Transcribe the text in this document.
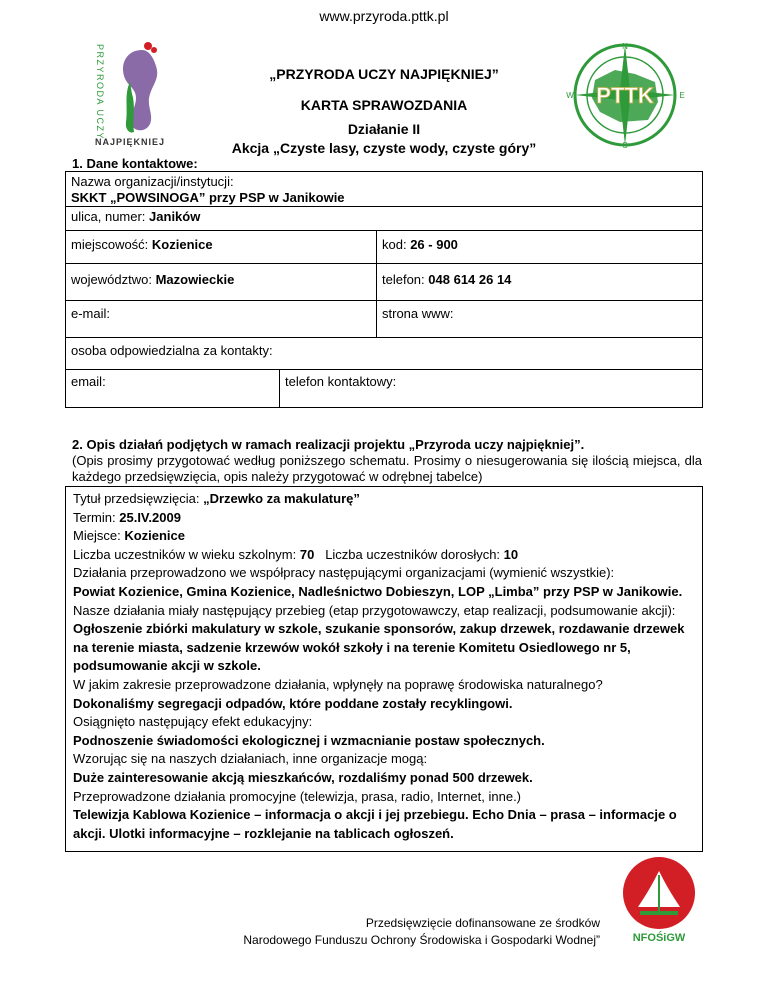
www.przyroda.pttk.pl
„PRZYRODA UCZY NAJPIĘKNIEJ”
KARTA SPRAWOZDANIA
Działanie II
Akcja „Czyste lasy, czyste wody, czyste góry”
PRZYRODA UCZY
NAJPIĘKNIEJ
PTTK
N
S
W	E
1. Dane kontaktowe:
Nazwa organizacji/instytucji:
SKKT „POWSINOGA” przy PSP w Janikowie
ulica, numer: Janików
miejscowość: Kozienice	kod: 26 - 900
województwo: Mazowieckie	telefon: 048 614 26 14
e-mail:	strona www:
osoba odpowiedzialna za kontakty:
email:	telefon kontaktowy:
2. Opis działań podjętych w ramach realizacji projektu „Przyroda uczy najpiękniej”.
(Opis prosimy przygotować według poniższego schematu. Prosimy o niesugerowania się ilością miejsca, dla każdego przedsięwzięcia, opis należy przygotować w odrębnej tabelce)
Tytuł przedsięwzięcia: „Drzewko za makulaturę”
Termin: 25.IV.2009
Miejsce: Kozienice
Liczba uczestników w wieku szkolnym: 70 Liczba uczestników dorosłych: 10
Działania przeprowadzono we współpracy następującymi organizacjami (wymienić wszystkie):
Powiat Kozienice, Gmina Kozienice, Nadleśnictwo Dobieszyn, LOP „Limba” przy PSP w Janikowie.
Nasze działania miały następujący przebieg (etap przygotowawczy, etap realizacji, podsumowanie akcji):
Ogłoszenie zbiórki makulatury w szkole, szukanie sponsorów, zakup drzewek, rozdawanie drzewek na terenie miasta, sadzenie krzewów wokół szkoły i na terenie Komitetu Osiedlowego nr 5, podsumowanie akcji w szkole.
W jakim zakresie przeprowadzone działania, wpłynęły na poprawę środowiska naturalnego?
Dokonaliśmy segregacji odpadów, które poddane zostały recyklingowi.
Osiągnięto następujący efekt edukacyjny:
Podnoszenie świadomości ekologicznej i wzmacnianie postaw społecznych.
Wzorując się na naszych działaniach, inne organizacje mogą:
Duże zainteresowanie akcją mieszkańców, rozdaliśmy ponad 500 drzewek.
Przeprowadzone działania promocyjne (telewizja, prasa, radio, Internet, inne.)
Telewizja Kablowa Kozienice – informacja o akcji i jej przebiegu. Echo Dnia – prasa – informacje o akcji. Ulotki informacyjne – rozklejanie na tablicach ogłoszeń.
Przedsięwzięcie dofinansowane ze środków
Narodowego Funduszu Ochrony Środowiska i Gospodarki Wodnej”	NFOŚiGW
